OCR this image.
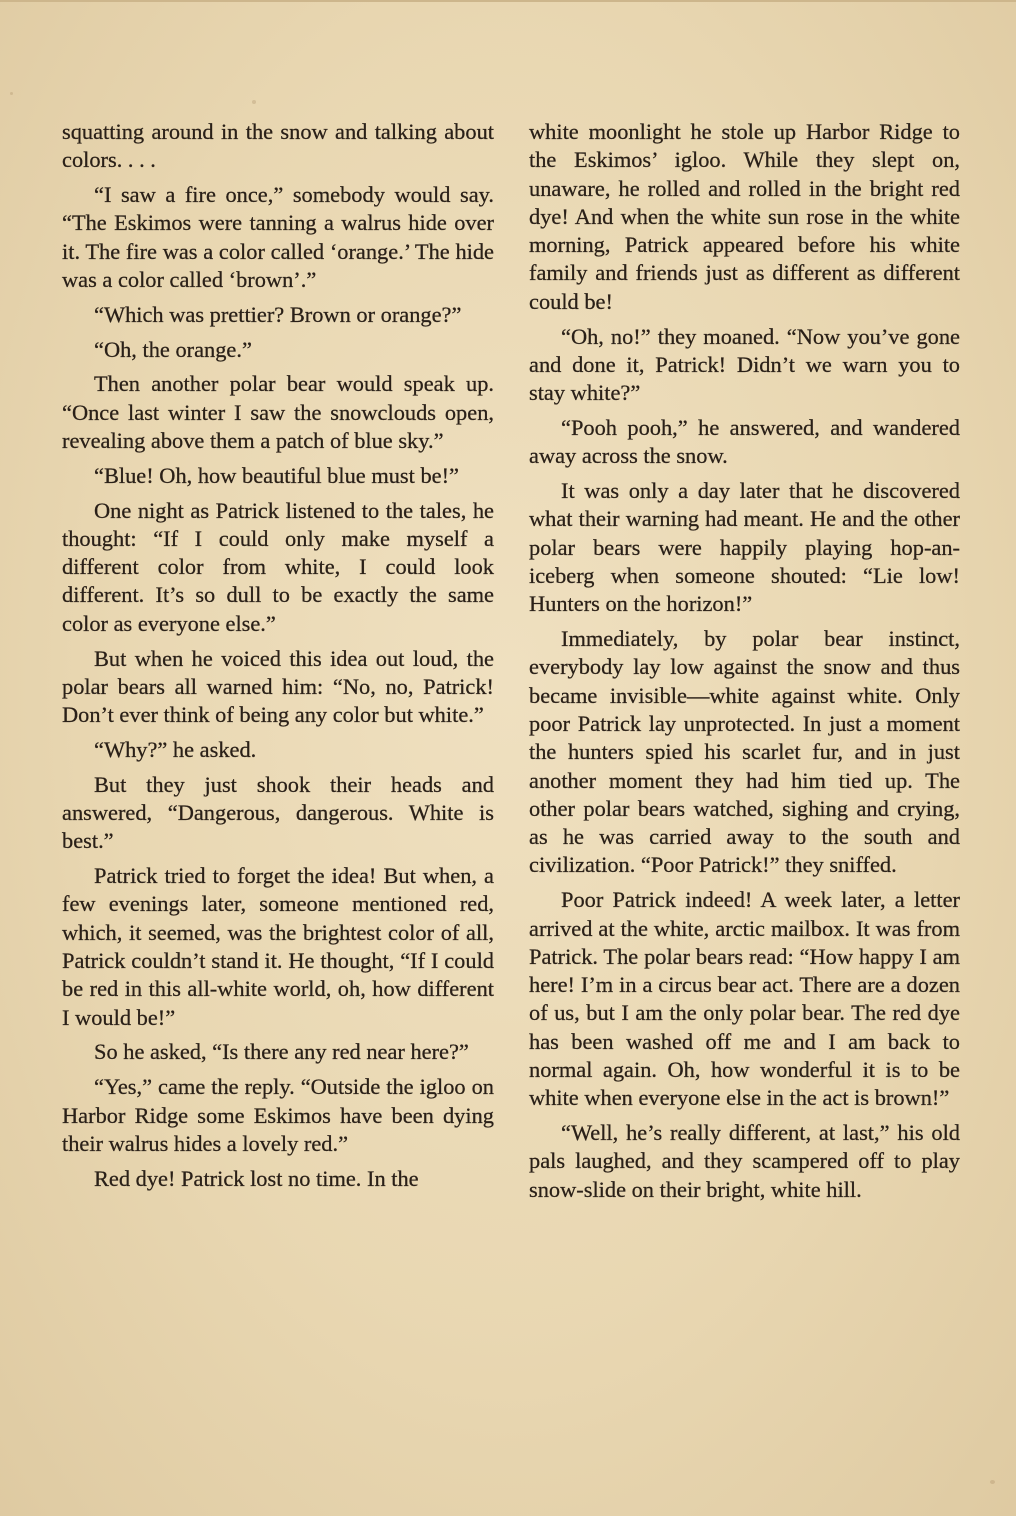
squatting around in the snow and talking about colors. . . .

“I saw a fire once,” somebody would say. “The Eskimos were tanning a walrus hide over it. The fire was a color called ‘orange.’ The hide was a color called ‘brown’.”

“Which was prettier? Brown or orange?”

“Oh, the orange.”

Then another polar bear would speak up. “Once last winter I saw the snowclouds open, revealing above them a patch of blue sky.”

“Blue! Oh, how beautiful blue must be!”

One night as Patrick listened to the tales, he thought: “If I could only make myself a different color from white, I could look different. It’s so dull to be exactly the same color as everyone else.”

But when he voiced this idea out loud, the polar bears all warned him: “No, no, Patrick! Don’t ever think of being any color but white.”

“Why?” he asked.

But they just shook their heads and answered, “Dangerous, dangerous. White is best.”

Patrick tried to forget the idea! But when, a few evenings later, someone mentioned red, which, it seemed, was the brightest color of all, Patrick couldn’t stand it. He thought, “If I could be red in this all-white world, oh, how different I would be!”

So he asked, “Is there any red near here?”

“Yes,” came the reply. “Outside the igloo on Harbor Ridge some Eskimos have been dying their walrus hides a lovely red.”

Red dye! Patrick lost no time. In the

white moonlight he stole up Harbor Ridge to the Eskimos’ igloo. While they slept on, unaware, he rolled and rolled in the bright red dye! And when the white sun rose in the white morning, Patrick appeared before his white family and friends just as different as different could be!

“Oh, no!” they moaned. “Now you’ve gone and done it, Patrick! Didn’t we warn you to stay white?”

“Pooh pooh,” he answered, and wandered away across the snow.

It was only a day later that he discovered what their warning had meant. He and the other polar bears were happily playing hop-an-iceberg when someone shouted: “Lie low! Hunters on the horizon!”

Immediately, by polar bear instinct, everybody lay low against the snow and thus became invisible—white against white. Only poor Patrick lay unprotected. In just a moment the hunters spied his scarlet fur, and in just another moment they had him tied up. The other polar bears watched, sighing and crying, as he was carried away to the south and civilization. “Poor Patrick!” they sniffed.

Poor Patrick indeed! A week later, a letter arrived at the white, arctic mailbox. It was from Patrick. The polar bears read: “How happy I am here! I’m in a circus bear act. There are a dozen of us, but I am the only polar bear. The red dye has been washed off me and I am back to normal again. Oh, how wonderful it is to be white when everyone else in the act is brown!”

“Well, he’s really different, at last,” his old pals laughed, and they scampered off to play snow-slide on their bright, white hill.
